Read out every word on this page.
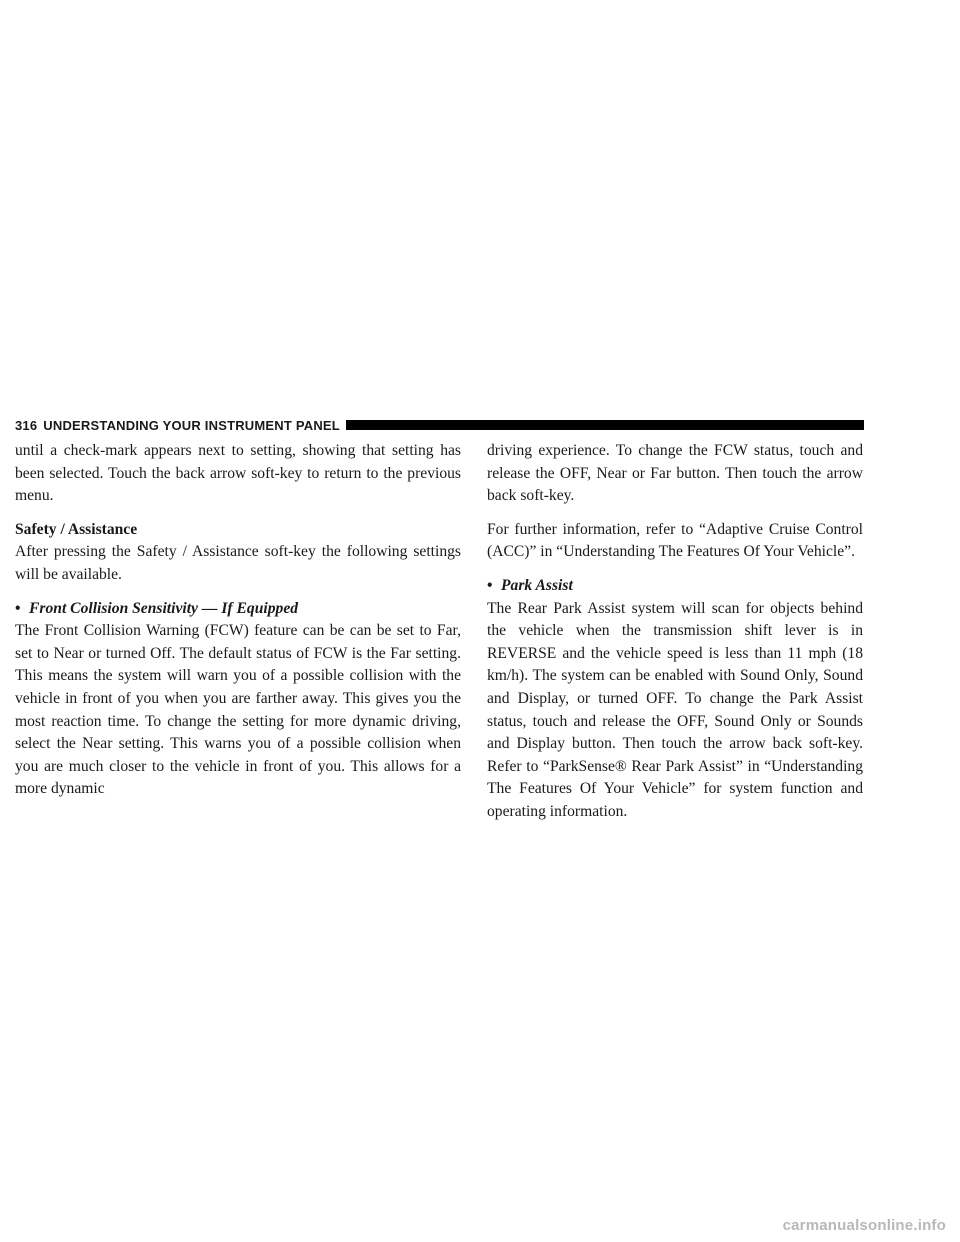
316 UNDERSTANDING YOUR INSTRUMENT PANEL

until a check-mark appears next to setting, showing that setting has been selected. Touch the back arrow soft-key to return to the previous menu.

Safety / Assistance

After pressing the Safety / Assistance soft-key the following settings will be available.

• Front Collision Sensitivity — If Equipped

The Front Collision Warning (FCW) feature can be can be set to Far, set to Near or turned Off. The default status of FCW is the Far setting. This means the system will warn you of a possible collision with the vehicle in front of you when you are farther away. This gives you the most reaction time. To change the setting for more dynamic driving, select the Near setting. This warns you of a possible collision when you are much closer to the vehicle in front of you. This allows for a more dynamic

driving experience. To change the FCW status, touch and release the OFF, Near or Far button. Then touch the arrow back soft-key.

For further information, refer to “Adaptive Cruise Control (ACC)” in “Understanding The Features Of Your Vehicle”.

• Park Assist

The Rear Park Assist system will scan for objects behind the vehicle when the transmission shift lever is in REVERSE and the vehicle speed is less than 11 mph (18 km/h). The system can be enabled with Sound Only, Sound and Display, or turned OFF. To change the Park Assist status, touch and release the OFF, Sound Only or Sounds and Display button. Then touch the arrow back soft-key. Refer to “ParkSense® Rear Park Assist” in “Understanding The Features Of Your Vehicle” for system function and operating information.

carmanualsonline.info
